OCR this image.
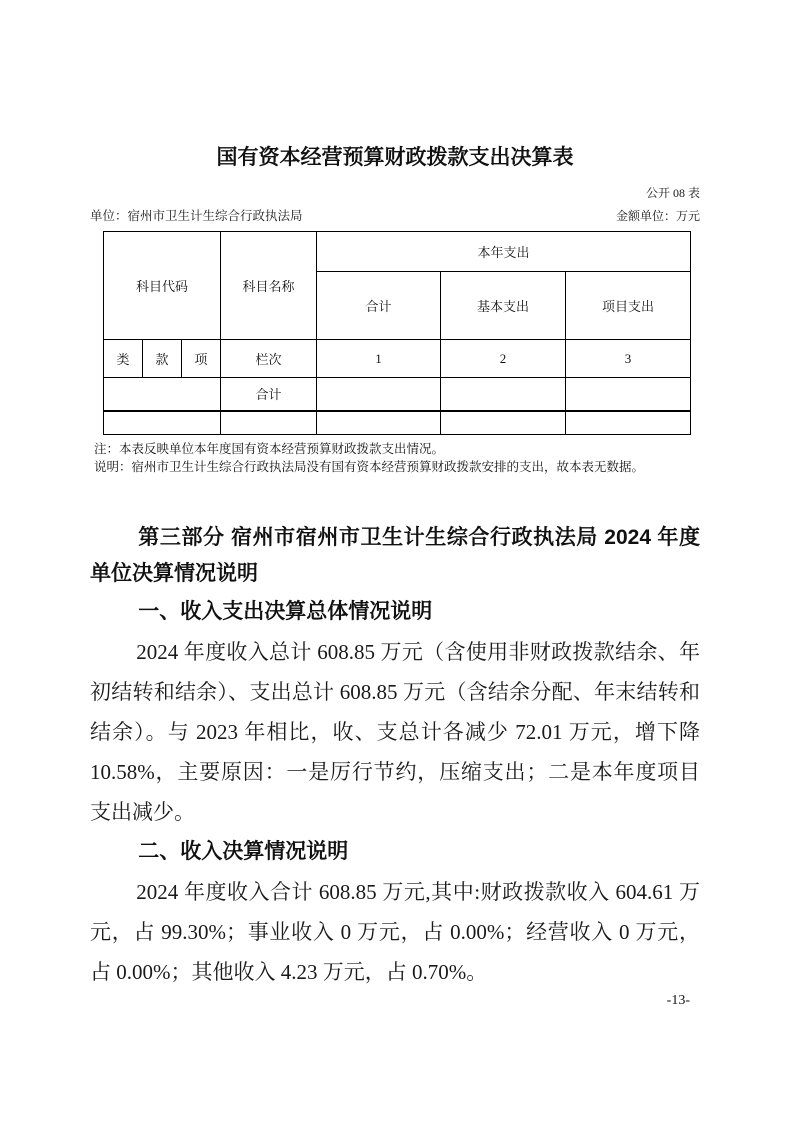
国有资本经营预算财政拨款支出决算表
公开 08 表
单位：宿州市卫生计生综合行政执法局	金额单位：万元
科目代码			科目名称	本年支出		
				合计	基本支出	项目支出
类	款	项	栏次	1	2	3
			合计			

注：本表反映单位本年度国有资本经营预算财政拨款支出情况。
说明：宿州市卫生计生综合行政执法局没有国有资本经营预算财政拨款安排的支出，故本表无数据。
第三部分 宿州市宿州市卫生计生综合行政执法局 2024 年度单位决算情况说明
一、收入支出决算总体情况说明
2024 年度收入总计 608.85 万元（含使用非财政拨款结余、年初结转和结余）、支出总计 608.85 万元（含结余分配、年末结转和结余）。与 2023 年相比，收、支总计各减少 72.01 万元，增下降 10.58%，主要原因：一是厉行节约，压缩支出；二是本年度项目支出减少。
二、收入决算情况说明
2024 年度收入合计 608.85 万元,其中:财政拨款收入 604.61 万元，占 99.30%；事业收入 0 万元，占 0.00%；经营收入 0 万元，占 0.00%；其他收入 4.23 万元，占 0.70%。
-13-
